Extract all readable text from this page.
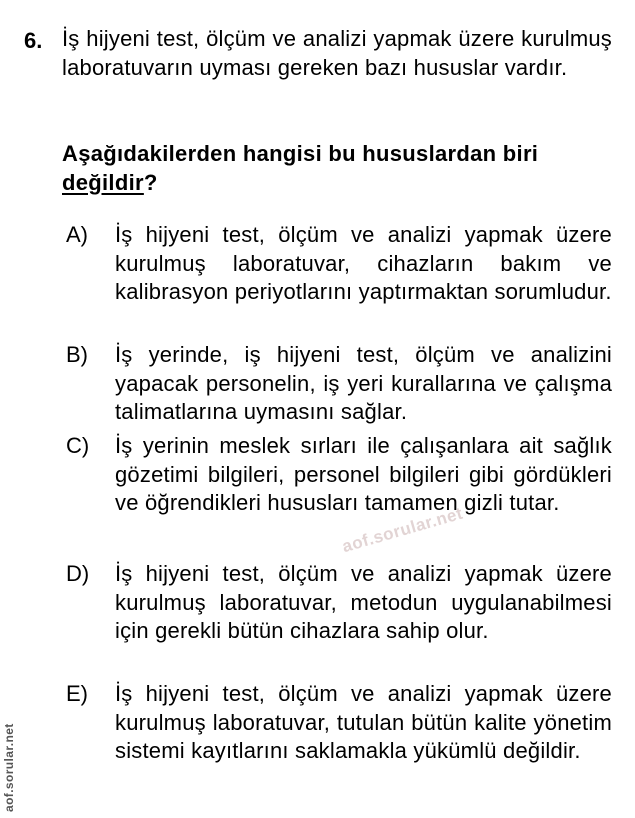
6. İş hijyeni test, ölçüm ve analizi yapmak üzere kurulmuş laboratuvarın uyması gereken bazı hususlar vardır.
Aşağıdakilerden hangisi bu hususlardan biri değildir?
A) İş hijyeni test, ölçüm ve analizi yapmak üzere kurulmuş laboratuvar, cihazların bakım ve kalibrasyon periyotlarını yaptırmaktan sorumludur.
B) İş yerinde, iş hijyeni test, ölçüm ve analizini yapacak personelin, iş yeri kurallarına ve çalışma talimatlarına uymasını sağlar.
C) İş yerinin meslek sırları ile çalışanlara ait sağlık gözetimi bilgileri, personel bilgileri gibi gördükleri ve öğrendikleri hususları tamamen gizli tutar.
D) İş hijyeni test, ölçüm ve analizi yapmak üzere kurulmuş laboratuvar, metodun uygulanabilmesi için gerekli bütün cihazlara sahip olur.
E) İş hijyeni test, ölçüm ve analizi yapmak üzere kurulmuş laboratuvar, tutulan bütün kalite yönetim sistemi kayıtlarını saklamakla yükümlü değildir.
aof.sorular.net
aof.sorular.net
